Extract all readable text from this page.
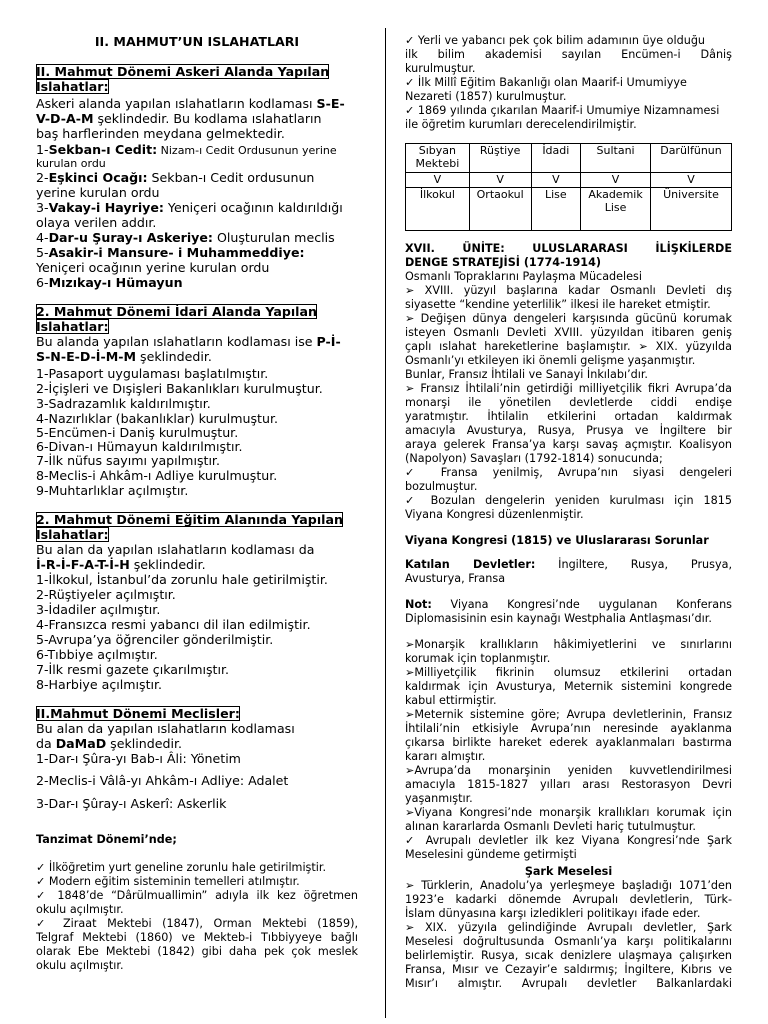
II. MAHMUT’UN ISLAHATLARI
II. Mahmut Dönemi Askeri Alanda Yapılan
Islahatlar:
Askeri alanda yapılan ıslahatların kodlaması S-E-
V-D-A-M şeklindedir. Bu kodlama ıslahatların
baş harflerinden meydana gelmektedir.
1-Sekban-ı Cedit: Nizam-ı Cedit Ordusunun yerine
kurulan ordu
2-Eşkinci Ocağı: Sekban-ı Cedit ordusunun
yerine kurulan ordu
3-Vakay-i Hayriye: Yeniçeri ocağının kaldırıldığı
olaya verilen addır.
4-Dar-u Şuray-ı Askeriye: Oluşturulan meclis
5-Asakir-i Mansure- i Muhammeddiye:
Yeniçeri ocağının yerine kurulan ordu
6-Mızıkay-ı Hümayun
2. Mahmut Dönemi İdari Alanda Yapılan
Islahatlar:
Bu alanda yapılan ıslahatların kodlaması ise P-İ-
S-N-E-D-İ-M-M şeklindedir.
1-Pasaport uygulaması başlatılmıştır.
2-İçişleri ve Dışişleri Bakanlıkları kurulmuştur.
3-Sadrazamlık kaldırılmıştır.
4-Nazırlıklar (bakanlıklar) kurulmuştur.
5-Encümen-i Daniş kurulmuştur.
6-Divan-ı Hümayun kaldırılmıştır.
7-İlk nüfus sayımı yapılmıştır.
8-Meclis-i Ahkâm-ı Adliye kurulmuştur.
9-Muhtarlıklar açılmıştır.
2. Mahmut Dönemi Eğitim Alanında Yapılan
Islahatlar:
Bu alan da yapılan ıslahatların kodlaması da
İ-R-İ-F-A-T-İ-H şeklindedir.
1-İlkokul, İstanbul’da zorunlu hale getirilmiştir.
2-Rüştiyeler açılmıştır.
3-İdadiler açılmıştır.
4-Fransızca resmi yabancı dil ilan edilmiştir.
5-Avrupa’ya öğrenciler gönderilmiştir.
6-Tıbbiye açılmıştır.
7-İlk resmi gazete çıkarılmıştır.
8-Harbiye açılmıştır.
II.Mahmut Dönemi Meclisler:
Bu alan da yapılan ıslahatların kodlaması
da DaMaD şeklindedir.
1-Dar-ı Şûra-yı Bab-ı Âli: Yönetim
2-Meclis-i Vâlâ-yı Ahkâm-ı Adliye: Adalet
3-Dar-ı Şûray-ı Askerî: Askerlik
Tanzimat Dönemi’nde;
✓ İlköğretim yurt geneline zorunlu hale getirilmiştir.
✓ Modern eğitim sisteminin temelleri atılmıştır.
✓ 1848’de “Dârülmuallimin” adıyla ilk kez öğretmen
okulu açılmıştır.
✓ Ziraat Mektebi (1847), Orman Mektebi (1859),
Telgraf Mektebi (1860) ve Mekteb-i Tıbbiyyeye bağlı
olarak Ebe Mektebi (1842) gibi daha pek çok meslek
okulu açılmıştır.
✓ Yerli ve yabancı pek çok bilim adamının üye olduğu
ilk bilim akademisi sayılan Encümen-i Dâniş
kurulmuştur.
✓ İlk Millî Eğitim Bakanlığı olan Maarif-i Umumiyye
Nezareti (1857) kurulmuştur.
✓ 1869 yılında çıkarılan Maarif-i Umumiye Nizamnamesi
ile öğretim kurumları derecelendirilmiştir.
Sıbyan Mektebi	Rüştiye	İdadi	Sultani	Darülfünun
V	V	V	V	V
İlkokul	Ortaokul	Lise	Akademik Lise	Üniversite
XVII. ÜNİTE: ULUSLARARASI İLİŞKİLERDE
DENGE STRATEJİSİ (1774-1914)
Osmanlı Topraklarını Paylaşma Mücadelesi
➢ XVIII. yüzyıl başlarına kadar Osmanlı Devleti dış
siyasette “kendine yeterlilik” ilkesi ile hareket etmiştir.
➢ Değişen dünya dengeleri karşısında gücünü korumak
isteyen Osmanlı Devleti XVIII. yüzyıldan itibaren geniş
çaplı ıslahat hareketlerine başlamıştır. ➢ XIX. yüzyılda
Osmanlı’yı etkileyen iki önemli gelişme yaşanmıştır.
Bunlar, Fransız İhtilali ve Sanayi İnkılabı’dır.
➢ Fransız İhtilali’nin getirdiği milliyetçilik fikri Avrupa’da
monarşi ile yönetilen devletlerde ciddi endişe
yaratmıştır. İhtilalin etkilerini ortadan kaldırmak
amacıyla Avusturya, Rusya, Prusya ve İngiltere bir
araya gelerek Fransa’ya karşı savaş açmıştır. Koalisyon
(Napolyon) Savaşları (1792-1814) sonucunda;
✓ Fransa yenilmiş, Avrupa’nın siyasi dengeleri
bozulmuştur.
✓ Bozulan dengelerin yeniden kurulması için 1815
Viyana Kongresi düzenlenmiştir.
Viyana Kongresi (1815) ve Uluslararası Sorunlar
Katılan Devletler: İngiltere, Rusya, Prusya,
Avusturya, Fransa
Not: Viyana Kongresi’nde uygulanan Konferans
Diplomasisinin esin kaynağı Westphalia Antlaşması’dır.
➢Monarşik krallıkların hâkimiyetlerini ve sınırlarını
korumak için toplanmıştır.
➢Milliyetçilik fikrinin olumsuz etkilerini ortadan
kaldırmak için Avusturya, Meternik sistemini kongrede
kabul ettirmiştir.
➢Meternik sistemine göre; Avrupa devletlerinin, Fransız
İhtilali’nin etkisiyle Avrupa’nın neresinde ayaklanma
çıkarsa birlikte hareket ederek ayaklanmaları bastırma
kararı almıştır.
➢Avrupa’da monarşinin yeniden kuvvetlendirilmesi
amacıyla 1815-1827 yılları arası Restorasyon Devri
yaşanmıştır.
➢Viyana Kongresi’nde monarşik krallıkları korumak için
alınan kararlarda Osmanlı Devleti hariç tutulmuştur.
✓ Avrupalı devletler ilk kez Viyana Kongresi’nde Şark
Meselesini gündeme getirmişti
Şark Meselesi
➢ Türklerin, Anadolu’ya yerleşmeye başladığı 1071’den
1923’e kadarki dönemde Avrupalı devletlerin, Türk-
İslam dünyasına karşı izledikleri politikayı ifade eder.
➢ XIX. yüzyıla gelindiğinde Avrupalı devletler, Şark
Meselesi doğrultusunda Osmanlı’ya karşı politikalarını
belirlemiştir. Rusya, sıcak denizlere ulaşmaya çalışırken
Fransa, Mısır ve Cezayir’e saldırmış; İngiltere, Kıbrıs ve
Mısır’ı almıştır. Avrupalı devletler Balkanlardaki
